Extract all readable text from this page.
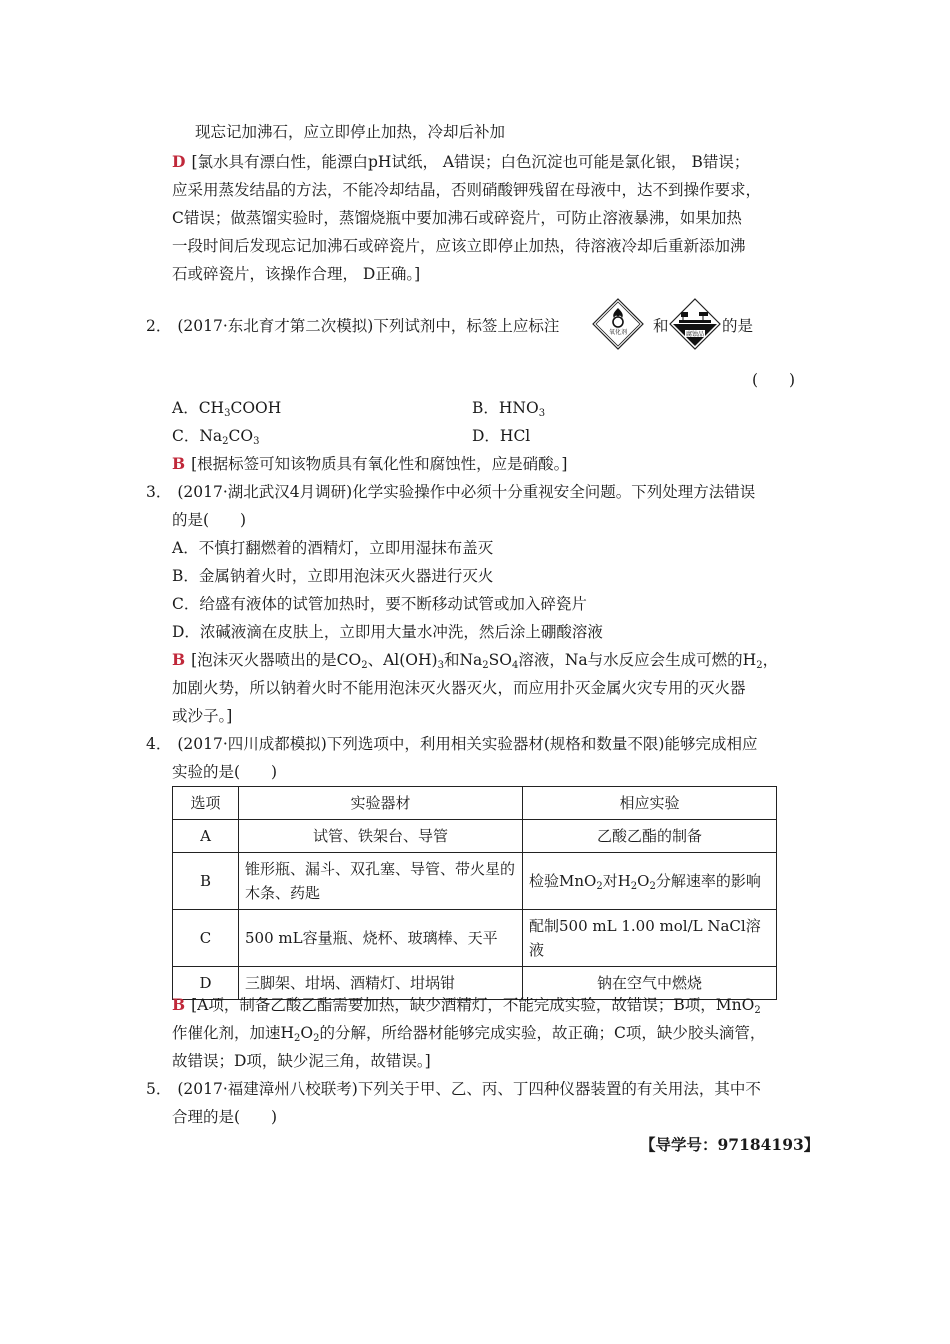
现忘记加沸石，应立即停止加热，冷却后补加
D [氯水具有漂白性，能漂白pH试纸， A错误；白色沉淀也可能是氯化银， B错误；
应采用蒸发结晶的方法，不能冷却结晶，否则硝酸钾残留在母液中，达不到操作要求，
C错误；做蒸馏实验时，蒸馏烧瓶中要加沸石或碎瓷片，可防止溶液暴沸，如果加热
一段时间后发现忘记加沸石或碎瓷片，应该立即停止加热，待溶液冷却后重新添加沸
石或碎瓷片，该操作合理， D正确。]
2． (2017·东北育才第二次模拟)下列试剂中，标签上应标注	氧化剂 和	腐蚀品 的是
(　　)
A．$CH_3COOH$	B．$HNO_3$
C．$Na_2CO_3$	D．HCl
B [根据标签可知该物质具有氧化性和腐蚀性，应是硝酸。]
3． (2017·湖北武汉4月调研)化学实验操作中必须十分重视安全问题。下列处理方法错误
的是(　　)
A．不慎打翻燃着的酒精灯，立即用湿抹布盖灭
B．金属钠着火时，立即用泡沫灭火器进行灭火
C．给盛有液体的试管加热时，要不断移动试管或加入碎瓷片
D．浓碱液滴在皮肤上，立即用大量水冲洗，然后涂上硼酸溶液
B [泡沫灭火器喷出的是$CO_2$、$Al(OH)_3$和$Na_2SO_4$溶液，Na与水反应会生成可燃的$H_2$，
加剧火势，所以钠着火时不能用泡沫灭火器灭火，而应用扑灭金属火灾专用的灭火器
或沙子。]
4． (2017·四川成都模拟)下列选项中，利用相关实验器材(规格和数量不限)能够完成相应
实验的是(　　)
选项	实验器材	相应实验
A	试管、铁架台、导管	乙酸乙酯的制备
B	锥形瓶、漏斗、双孔塞、导管、带火星的木条、药匙	检验MnO$_2$对$H_2O_2$分解速率的影响
C	500 mL容量瓶、烧杯、玻璃棒、天平	配制500 mL 1.00 mol/L NaCl溶液
D	三脚架、坩埚、酒精灯、坩埚钳	钠在空气中燃烧
B [A项，制备乙酸乙酯需要加热，缺少酒精灯，不能完成实验，故错误；B项，MnO$_2$
作催化剂，加速$H_2O_2$的分解，所给器材能够完成实验，故正确；C项，缺少胶头滴管，
故错误；D项，缺少泥三角，故错误。]
5． (2017·福建漳州八校联考)下列关于甲、乙、丙、丁四种仪器装置的有关用法，其中不
合理的是(　　)
【导学号：97184193】
